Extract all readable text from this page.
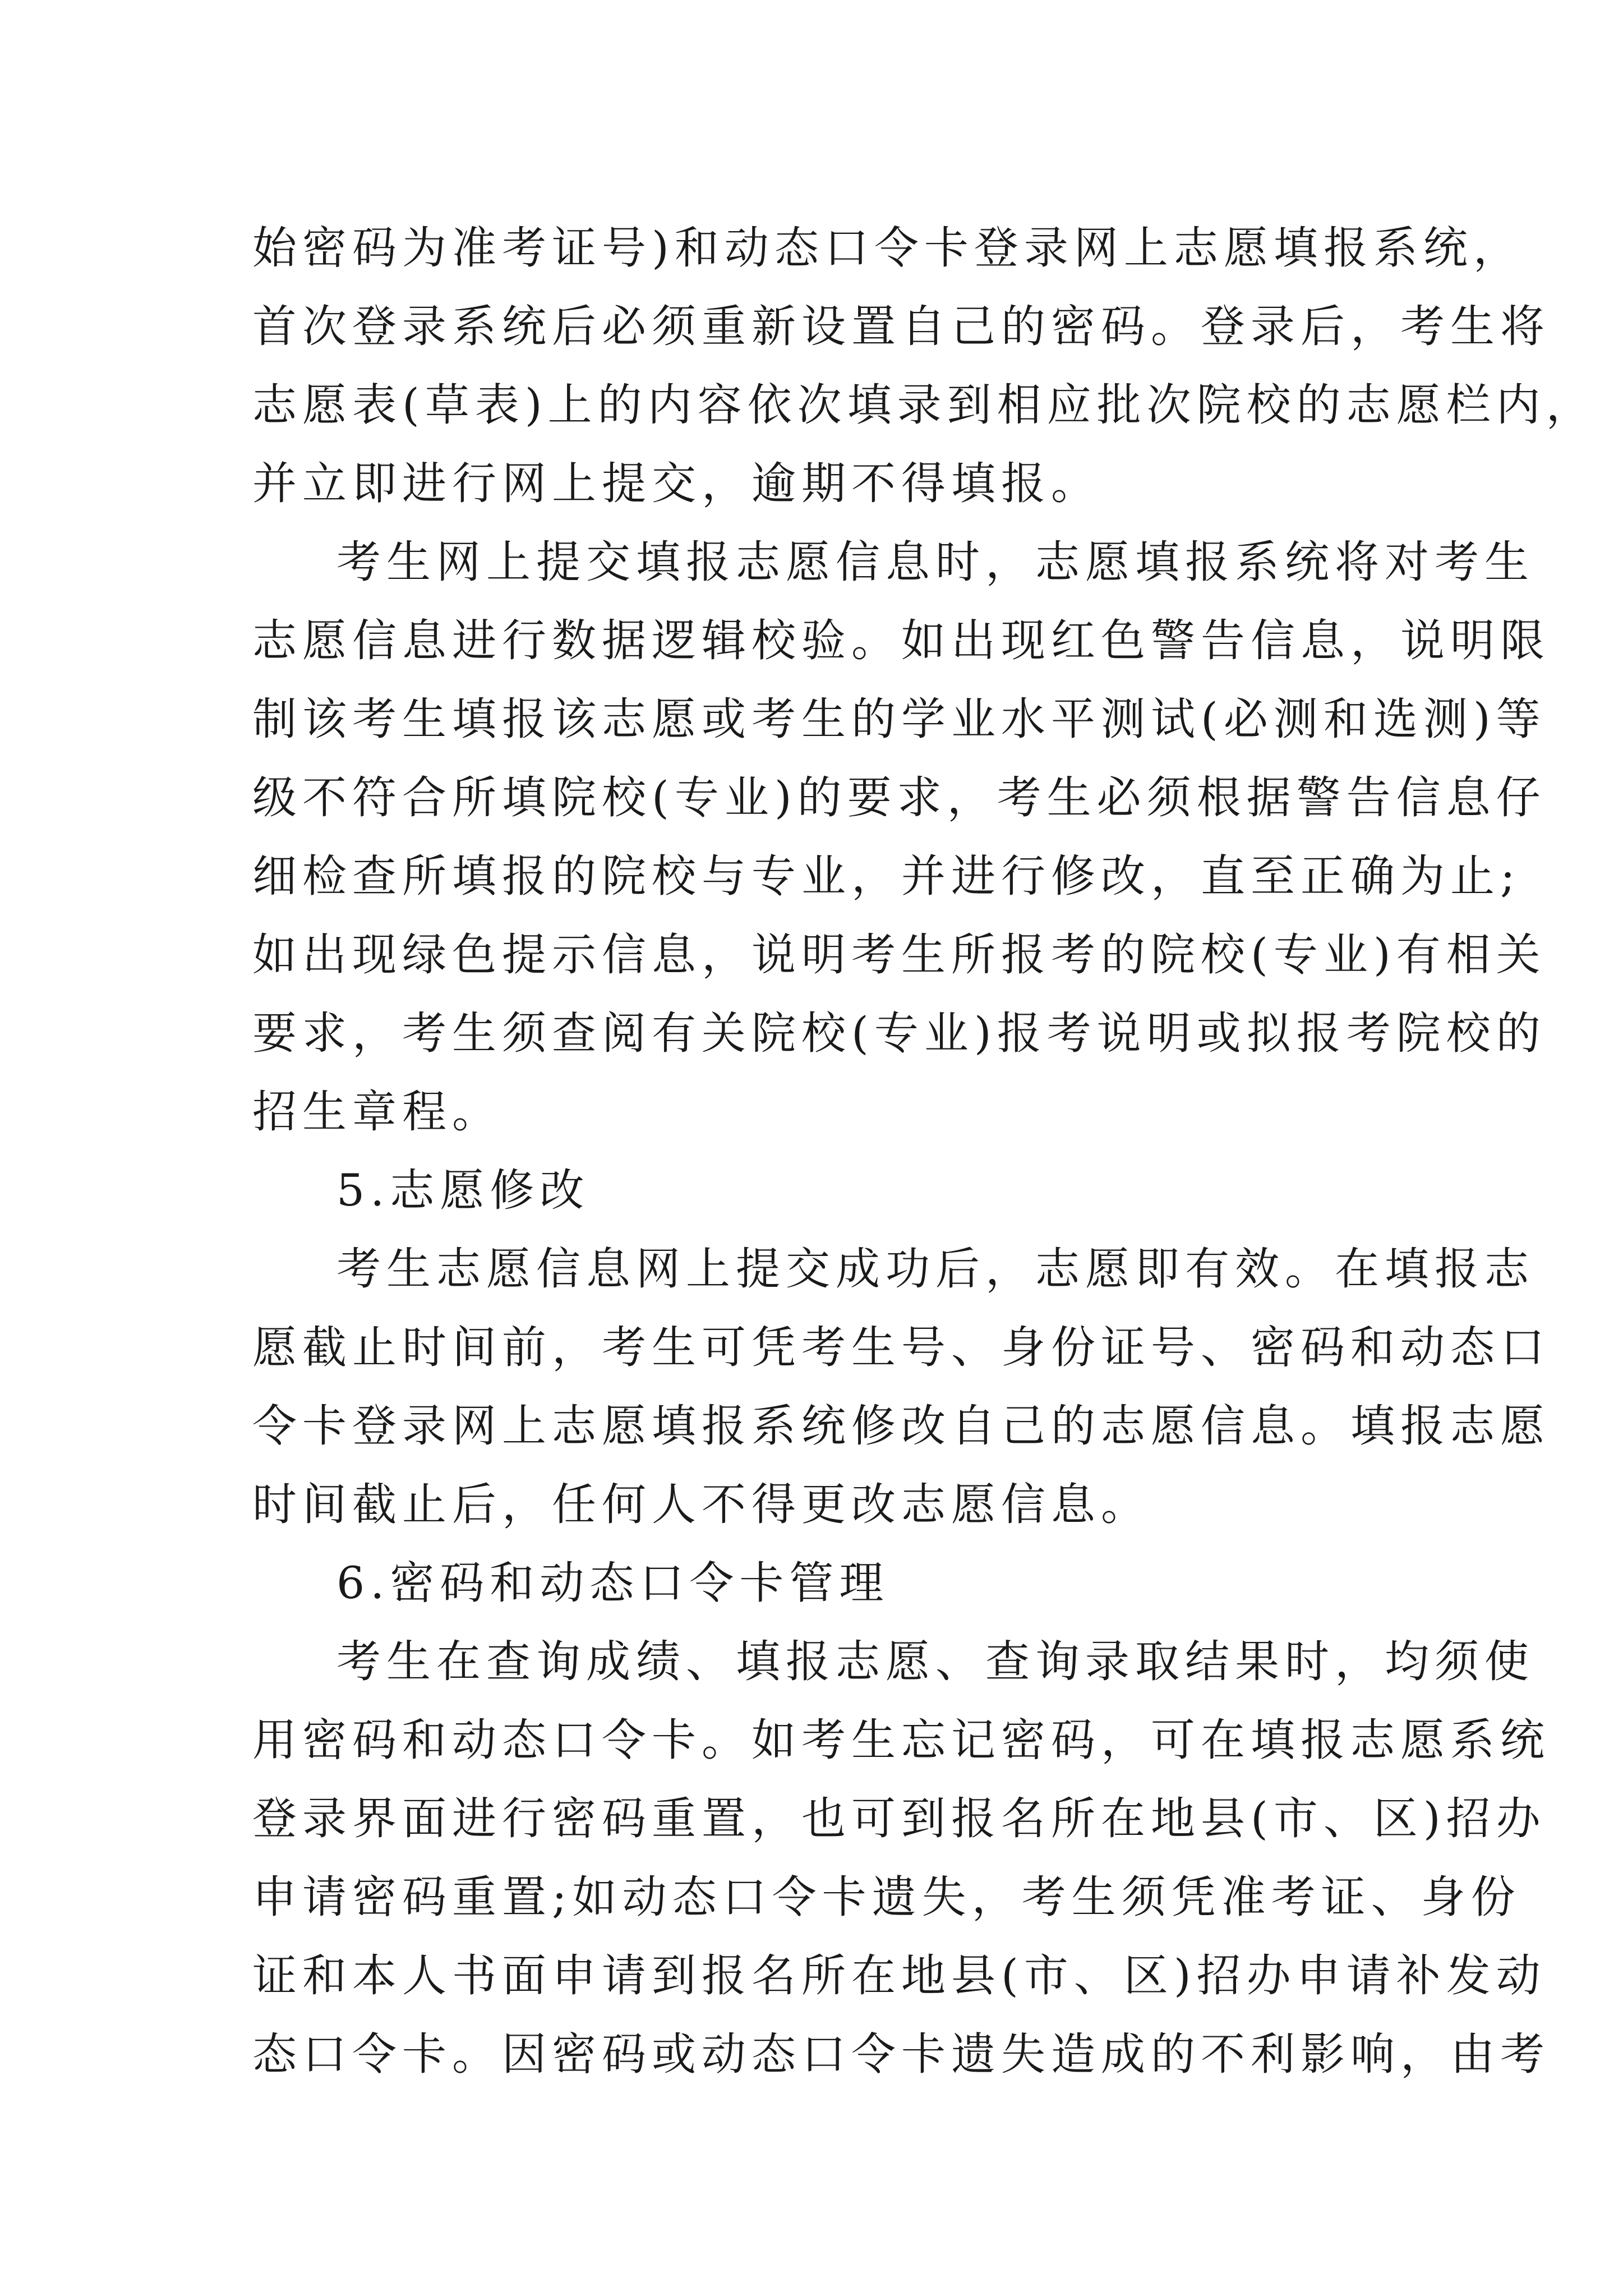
始密码为准考证号)和动态口令卡登录网上志愿填报系统，
首次登录系统后必须重新设置自己的密码。登录后，考生将
志愿表(草表)上的内容依次填录到相应批次院校的志愿栏内，
并立即进行网上提交，逾期不得填报。
考生网上提交填报志愿信息时，志愿填报系统将对考生
志愿信息进行数据逻辑校验。如出现红色警告信息，说明限
制该考生填报该志愿或考生的学业水平测试(必测和选测)等
级不符合所填院校(专业)的要求，考生必须根据警告信息仔
细检查所填报的院校与专业，并进行修改，直至正确为止;
如出现绿色提示信息，说明考生所报考的院校(专业)有相关
要求，考生须查阅有关院校(专业)报考说明或拟报考院校的
招生章程。
5.志愿修改
考生志愿信息网上提交成功后，志愿即有效。在填报志
愿截止时间前，考生可凭考生号、身份证号、密码和动态口
令卡登录网上志愿填报系统修改自己的志愿信息。填报志愿
时间截止后，任何人不得更改志愿信息。
6.密码和动态口令卡管理
考生在查询成绩、填报志愿、查询录取结果时，均须使
用密码和动态口令卡。如考生忘记密码，可在填报志愿系统
登录界面进行密码重置，也可到报名所在地县(市、区)招办
申请密码重置;如动态口令卡遗失，考生须凭准考证、身份
证和本人书面申请到报名所在地县(市、区)招办申请补发动
态口令卡。因密码或动态口令卡遗失造成的不利影响，由考
